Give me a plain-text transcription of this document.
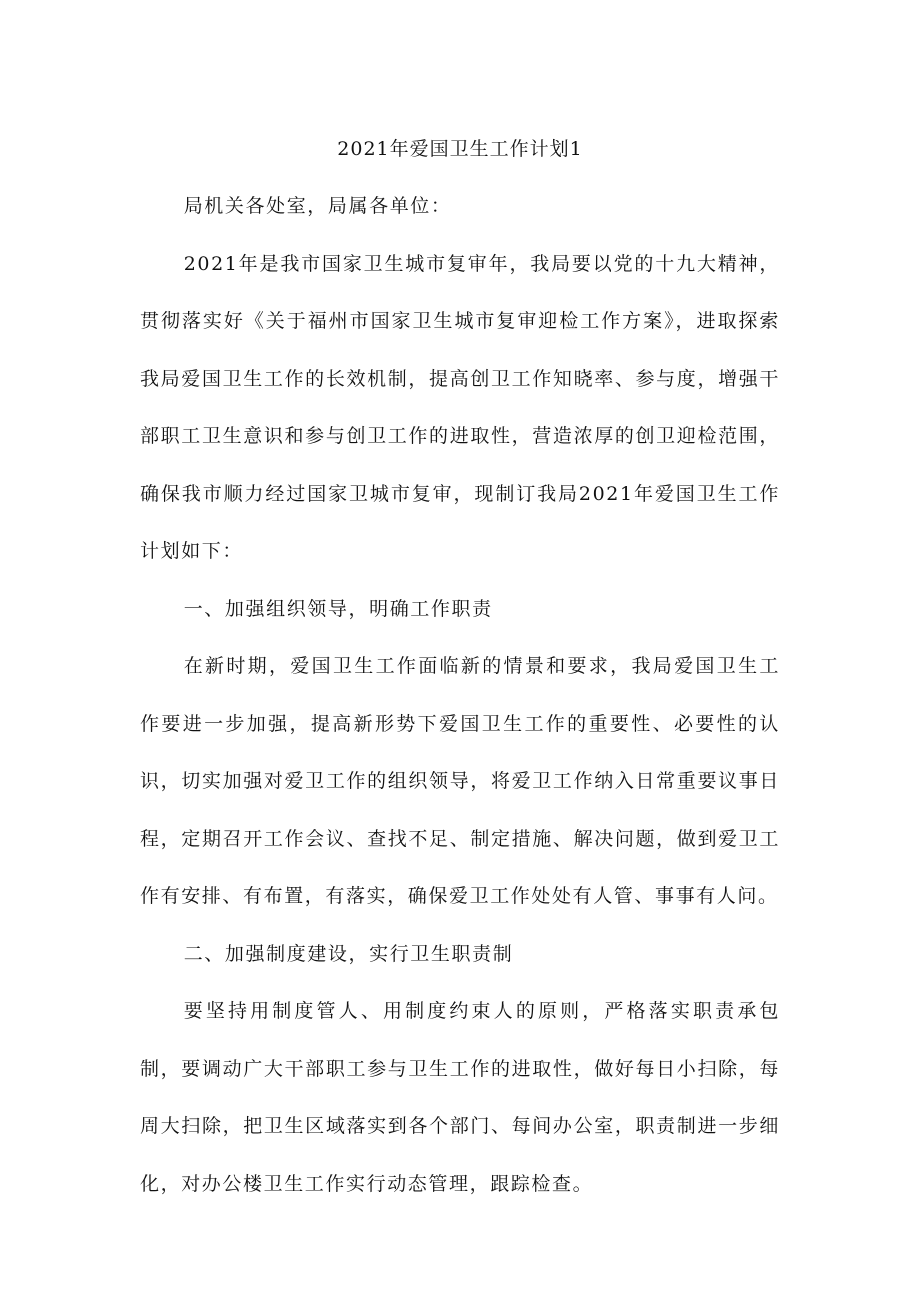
2021年爱国卫生工作计划1

局机关各处室，局属各单位：

2021年是我市国家卫生城市复审年，我局要以党的十九大精神，贯彻落实好《关于福州市国家卫生城市复审迎检工作方案》，进取探索我局爱国卫生工作的长效机制，提高创卫工作知晓率、参与度，增强干部职工卫生意识和参与创卫工作的进取性，营造浓厚的创卫迎检范围，确保我市顺力经过国家卫城市复审，现制订我局2021年爱国卫生工作计划如下：

一、加强组织领导，明确工作职责

在新时期，爱国卫生工作面临新的情景和要求，我局爱国卫生工作要进一步加强，提高新形势下爱国卫生工作的重要性、必要性的认识，切实加强对爱卫工作的组织领导，将爱卫工作纳入日常重要议事日程，定期召开工作会议、查找不足、制定措施、解决问题，做到爱卫工作有安排、有布置，有落实，确保爱卫工作处处有人管、事事有人问。

二、加强制度建设，实行卫生职责制

要坚持用制度管人、用制度约束人的原则，严格落实职责承包制，要调动广大干部职工参与卫生工作的进取性，做好每日小扫除，每周大扫除，把卫生区域落实到各个部门、每间办公室，职责制进一步细化，对办公楼卫生工作实行动态管理，跟踪检查。
